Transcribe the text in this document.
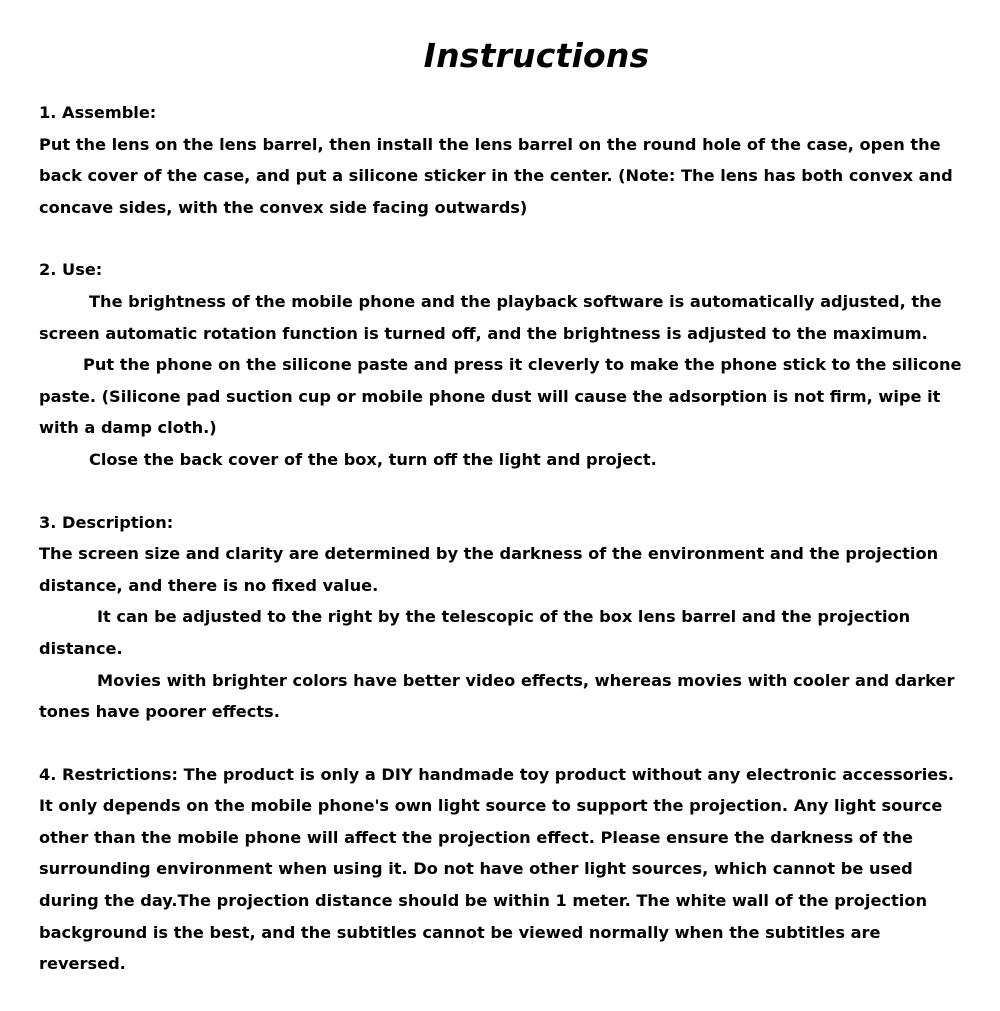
Instructions

1. Assemble:

Put the lens on the lens barrel, then install the lens barrel on the round hole of the case, open the back cover of the case, and put a silicone sticker in the center. (Note: The lens has both convex and concave sides, with the convex side facing outwards)

2. Use:

The brightness of the mobile phone and the playback software is automatically adjusted, the screen automatic rotation function is turned off, and the brightness is adjusted to the maximum.

Put the phone on the silicone paste and press it cleverly to make the phone stick to the silicone paste. (Silicone pad suction cup or mobile phone dust will cause the adsorption is not firm, wipe it with a damp cloth.)

Close the back cover of the box, turn off the light and project.

3. Description:

The screen size and clarity are determined by the darkness of the environment and the projection distance, and there is no fixed value.

It can be adjusted to the right by the telescopic of the box lens barrel and the projection distance.

Movies with brighter colors have better video effects, whereas movies with cooler and darker tones have poorer effects.

4. Restrictions: The product is only a DIY handmade toy product without any electronic accessories. It only depends on the mobile phone's own light source to support the projection. Any light source other than the mobile phone will affect the projection effect. Please ensure the darkness of the surrounding environment when using it. Do not have other light sources, which cannot be used during the day.The projection distance should be within 1 meter. The white wall of the projection background is the best, and the subtitles cannot be viewed normally when the subtitles are reversed.
